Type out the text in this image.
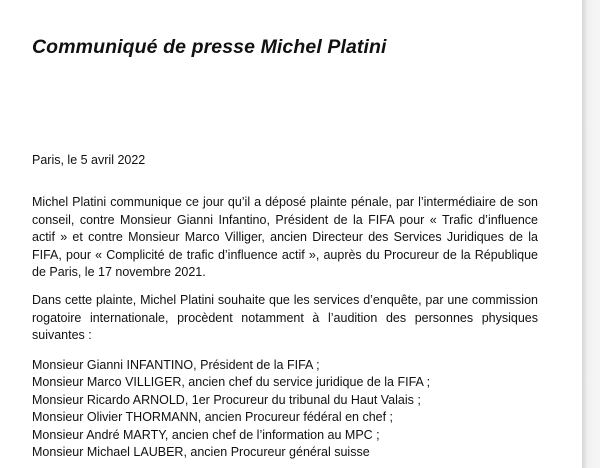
Communiqué de presse Michel Platini

Paris, le 5 avril 2022

Michel Platini communique ce jour qu’il a déposé plainte pénale, par l’intermédiaire de son conseil, contre Monsieur Gianni Infantino, Président de la FIFA pour « Trafic d’influence actif » et contre Monsieur Marco Villiger, ancien Directeur des Services Juridiques de la FIFA, pour « Complicité de trafic d’influence actif », auprès du Procureur de la République de Paris, le 17 novembre 2021.

Dans cette plainte, Michel Platini souhaite que les services d’enquête, par une commission rogatoire internationale, procèdent notamment à l’audition des personnes physiques suivantes :

Monsieur Gianni INFANTINO, Président de la FIFA ;
Monsieur Marco VILLIGER, ancien chef du service juridique de la FIFA ;
Monsieur Ricardo ARNOLD, 1er Procureur du tribunal du Haut Valais ;
Monsieur Olivier THORMANN, ancien Procureur fédéral en chef ;
Monsieur André MARTY, ancien chef de l’information au MPC ;
Monsieur Michael LAUBER, ancien Procureur général suisse
